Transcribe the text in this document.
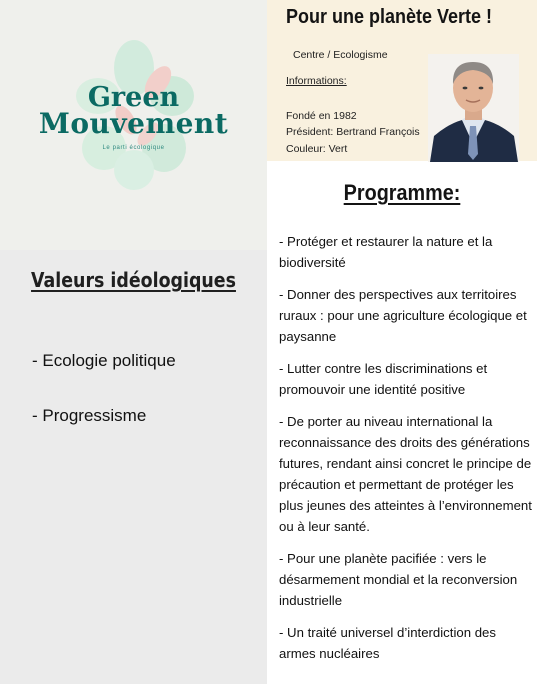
Green
Mouvement
Le parti écologique
Valeurs idéologiques
- Ecologie politique
- Progressisme
Pour une planète Verte !
Centre / Ecologisme
Informations:
Fondé en 1982
Président: Bertrand François
Couleur: Vert
Programme:
- Protéger et restaurer la nature et la biodiversité
- Donner des perspectives aux territoires ruraux : pour une agriculture écologique et paysanne
- Lutter contre les discriminations et promouvoir une identité positive
- De porter au niveau international la reconnaissance des droits des générations futures, rendant ainsi concret le principe de précaution et permettant de protéger les plus jeunes des atteintes à l’environnement ou à leur santé.
- Pour une planète pacifiée : vers le désarmement mondial et la reconversion industrielle
- Un traité universel d’interdiction des armes nucléaires
